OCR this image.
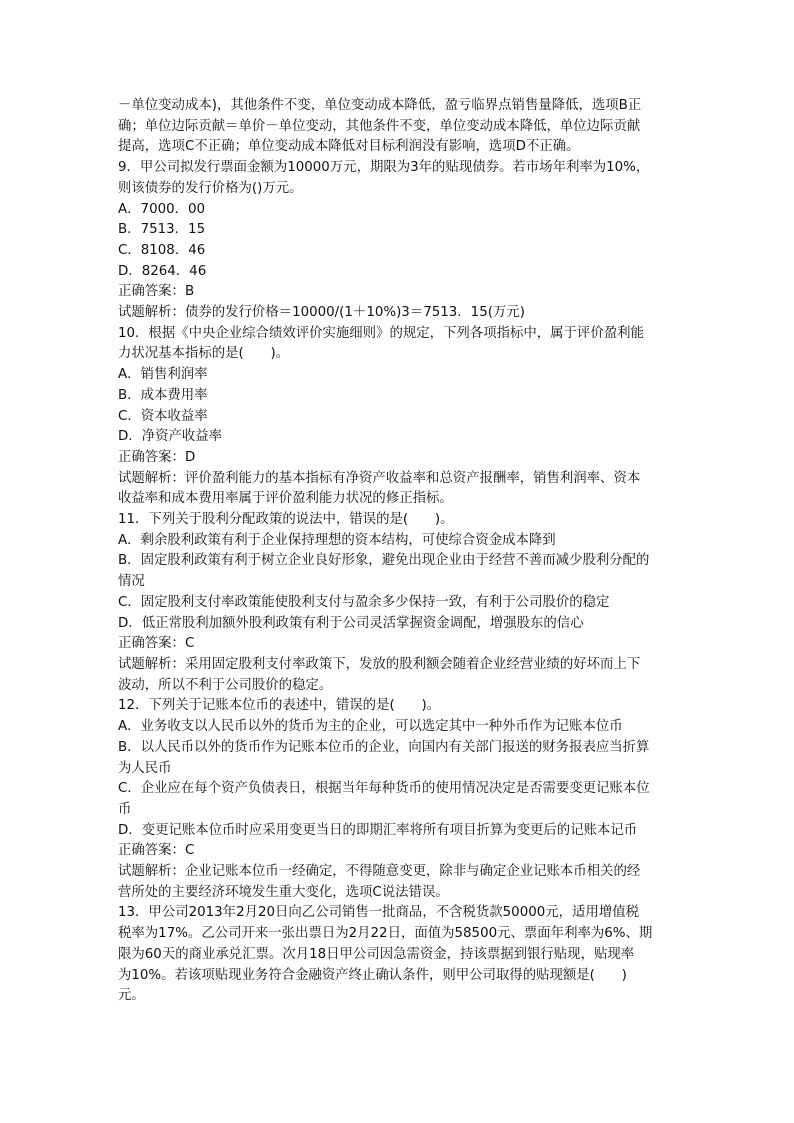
－单位变动成本)，其他条件不变，单位变动成本降低，盈亏临界点销售量降低，选项B正
确；单位边际贡献＝单价－单位变动，其他条件不变，单位变动成本降低，单位边际贡献
提高，选项C不正确；单位变动成本降低对目标利润没有影响，选项D不正确。
9．甲公司拟发行票面金额为10000万元，期限为3年的贴现债券。若市场年利率为10%，
则该债券的发行价格为()万元。
A．7000．00
B．7513．15
C．8108．46
D．8264．46
正确答案：B
试题解析：债券的发行价格＝10000/(1＋10%)3＝7513．15(万元)
10．根据《中央企业综合绩效评价实施细则》的规定，下列各项指标中，属于评价盈利能
力状况基本指标的是(　　)。
A．销售利润率
B．成本费用率
C．资本收益率
D．净资产收益率
正确答案：D
试题解析：评价盈利能力的基本指标有净资产收益率和总资产报酬率，销售利润率、资本
收益率和成本费用率属于评价盈利能力状况的修正指标。
11．下列关于股利分配政策的说法中，错误的是(　　)。
A．剩余股利政策有利于企业保持理想的资本结构，可使综合资金成本降到
B．固定股利政策有利于树立企业良好形象，避免出现企业由于经营不善而减少股利分配的
情况
C．固定股利支付率政策能使股利支付与盈余多少保持一致，有利于公司股价的稳定
D．低正常股利加额外股利政策有利于公司灵活掌握资金调配，增强股东的信心
正确答案：C
试题解析：采用固定股利支付率政策下，发放的股利额会随着企业经营业绩的好坏而上下
波动，所以不利于公司股价的稳定。
12．下列关于记账本位币的表述中，错误的是(　　)。
A．业务收支以人民币以外的货币为主的企业，可以选定其中一种外币作为记账本位币
B．以人民币以外的货币作为记账本位币的企业，向国内有关部门报送的财务报表应当折算
为人民币
C．企业应在每个资产负债表日，根据当年每种货币的使用情况决定是否需要变更记账本位
币
D．变更记账本位币时应采用变更当日的即期汇率将所有项目折算为变更后的记账本记币
正确答案：C
试题解析：企业记账本位币一经确定，不得随意变更，除非与确定企业记账本币相关的经
营所处的主要经济环境发生重大变化，选项C说法错误。
13．甲公司2013年2月20日向乙公司销售一批商品，不含税货款50000元，适用增值税
税率为17%。乙公司开来一张出票日为2月22日，面值为58500元、票面年利率为6%、期
限为60天的商业承兑汇票。次月18日甲公司因急需资金，持该票据到银行贴现，贴现率
为10%。若该项贴现业务符合金融资产终止确认条件，则甲公司取得的贴现额是(　　)
元。
